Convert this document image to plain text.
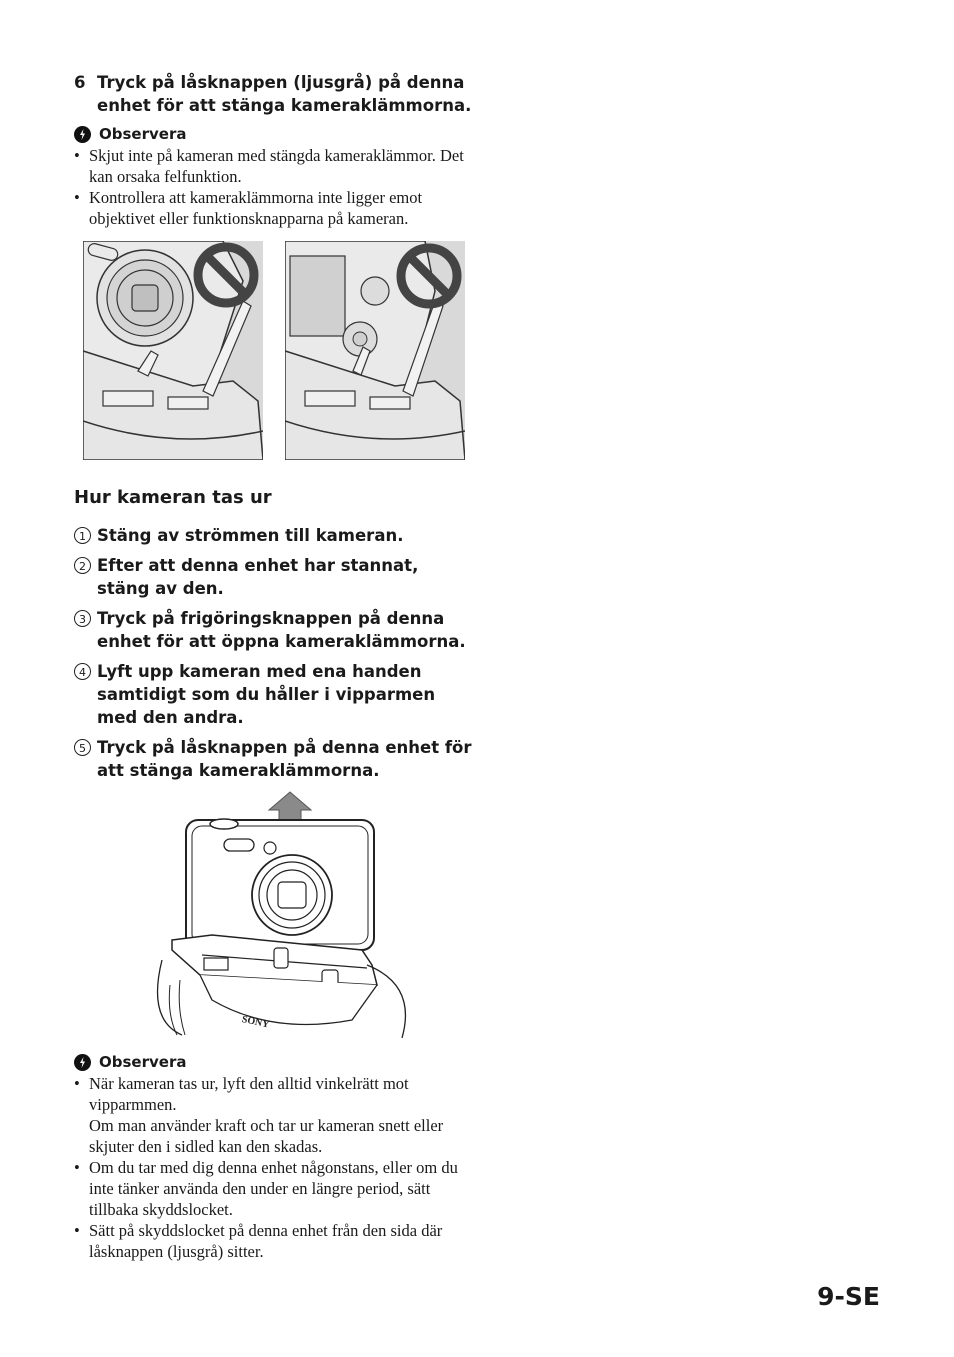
6 Tryck på låsknappen (ljusgrå) på denna enhet för att stänga kameraklämmorna.
Observera
• Skjut inte på kameran med stängda kameraklämmor. Det kan orsaka felfunktion.
• Kontrollera att kameraklämmorna inte ligger emot objektivet eller funktionsknapparna på kameran.
Hur kameran tas ur
1 Stäng av strömmen till kameran.
2 Efter att denna enhet har stannat, stäng av den.
3 Tryck på frigöringsknappen på denna enhet för att öppna kameraklämmorna.
4 Lyft upp kameran med ena handen samtidigt som du håller i vipparmen med den andra.
5 Tryck på låsknappen på denna enhet för att stänga kameraklämmorna.
SONY
Observera
• När kameran tas ur, lyft den alltid vinkelrätt mot vipparmmen.
Om man använder kraft och tar ur kameran snett eller skjuter den i sidled kan den skadas.
• Om du tar med dig denna enhet någonstans, eller om du inte tänker använda den under en längre period, sätt tillbaka skyddslocket.
• Sätt på skyddslocket på denna enhet från den sida där låsknappen (ljusgrå) sitter.
9-SE
